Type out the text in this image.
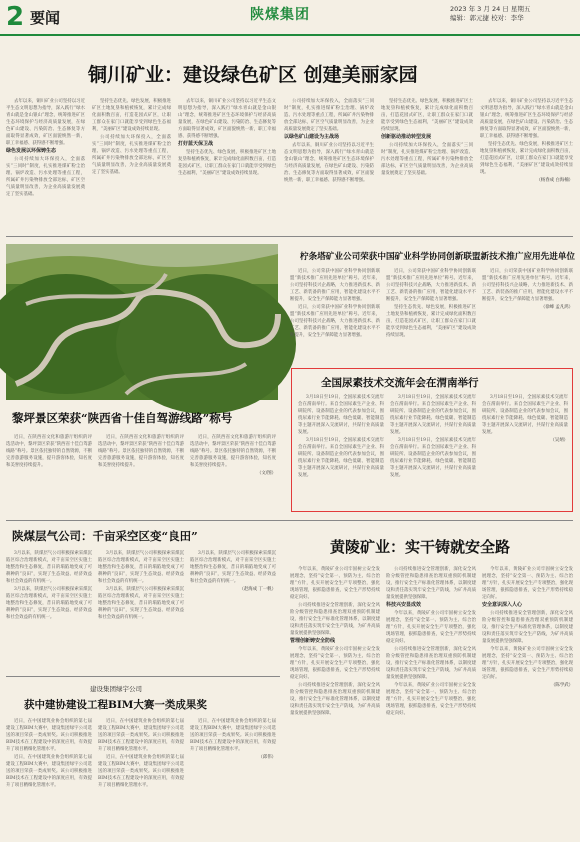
2 要闻	陕煤集团	2023 年 3 月 24 日 星期五
编辑：郭元捷 校对：李华
铜川矿业：建设绿色矿区 创建美丽家园

去年以来，铜川矿业公司坚持以习近平生态文明思想为指导，深入践行“绿水青山就是金山银山”理念，统筹推进矿区生态环境保护与经济高质量发展，在绿色矿山建设、污染防治、生态修复等方面取得显著成效，矿区面貌焕然一新，职工幸福感、获得感不断增强。

绿色发展以环保铸生态

公司持续加大环保投入，全面落实“三同时”制度，扎实推进煤矿粉尘治理、锅炉改造、污水处理等重点工程，所属矿井污染物排放全部达标，矿区空气质量明显改善，为企业高质量发展奠定了坚实基础。

坚持生态优先、绿色发展，积极推进矿区土地复垦和植被恢复，累计完成绿化面积数百亩，打造花园式矿区，让职工群众在家门口就能享受到绿色生态福利，“美丽矿区”建设成效持续显现。

公司持续加大环保投入，全面落实“三同时”制度，扎实推进煤矿粉尘治理、锅炉改造、污水处理等重点工程，所属矿井污染物排放全部达标，矿区空气质量明显改善，为企业高质量发展奠定了坚实基础。

去年以来，铜川矿业公司坚持以习近平生态文明思想为指导，深入践行“绿水青山就是金山银山”理念，统筹推进矿区生态环境保护与经济高质量发展，在绿色矿山建设、污染防治、生态修复等方面取得显著成效，矿区面貌焕然一新，职工幸福感、获得感不断增强。

打好蓝天保卫战

坚持生态优先、绿色发展，积极推进矿区土地复垦和植被恢复，累计完成绿化面积数百亩，打造花园式矿区，让职工群众在家门口就能享受到绿色生态福利，“美丽矿区”建设成效持续显现。

公司持续加大环保投入，全面落实“三同时”制度，扎实推进煤矿粉尘治理、锅炉改造、污水处理等重点工程，所属矿井污染物排放全部达标，矿区空气质量明显改善，为企业高质量发展奠定了坚实基础。

以绿色矿山建设为主战场

去年以来，铜川矿业公司坚持以习近平生态文明思想为指导，深入践行“绿水青山就是金山银山”理念，统筹推进矿区生态环境保护与经济高质量发展，在绿色矿山建设、污染防治、生态修复等方面取得显著成效，矿区面貌焕然一新，职工幸福感、获得感不断增强。

坚持生态优先、绿色发展，积极推进矿区土地复垦和植被恢复，累计完成绿化面积数百亩，打造花园式矿区，让职工群众在家门口就能享受到绿色生态福利，“美丽矿区”建设成效持续显现。

创新驱动推动转型发展

公司持续加大环保投入，全面落实“三同时”制度，扎实推进煤矿粉尘治理、锅炉改造、污水处理等重点工程，所属矿井污染物排放全部达标，矿区空气质量明显改善，为企业高质量发展奠定了坚实基础。

去年以来，铜川矿业公司坚持以习近平生态文明思想为指导，深入践行“绿水青山就是金山银山”理念，统筹推进矿区生态环境保护与经济高质量发展，在绿色矿山建设、污染防治、生态修复等方面取得显著成效，矿区面貌焕然一新，职工幸福感、获得感不断增强。

坚持生态优先、绿色发展，积极推进矿区土地复垦和植被恢复，累计完成绿化面积数百亩，打造花园式矿区，让职工群众在家门口就能享受到绿色生态福利，“美丽矿区”建设成效持续显现。

（杨春成 白海楠）
黎坪景区荣获“陕西省十佳自驾游线路”称号

近日，在陕西省文化和旅游厅组织的评选活动中，黎坪景区荣获“陕西省十佳自驾游线路”称号。景区依托独特的自然资源，不断完善旅游服务设施，提升游客体验，知名度和美誉度持续提升。

近日，在陕西省文化和旅游厅组织的评选活动中，黎坪景区荣获“陕西省十佳自驾游线路”称号。景区依托独特的自然资源，不断完善旅游服务设施，提升游客体验，知名度和美誉度持续提升。

近日，在陕西省文化和旅游厅组织的评选活动中，黎坪景区荣获“陕西省十佳自驾游线路”称号。景区依托独特的自然资源，不断完善旅游服务设施，提升游客体验，知名度和美誉度持续提升。

（文/图）
柠条塔矿业公司荣获中国矿业科学协同创新联盟新技术推广应用先进单位

近日，公司荣获中国矿业科学协同创新联盟“新技术推广应用先进单位”称号。近年来，公司坚持科技兴企战略，大力推进新技术、新工艺、新装备的推广应用，智能化建设水平不断提升，安全生产保障能力显著增强。

近日，公司荣获中国矿业科学协同创新联盟“新技术推广应用先进单位”称号。近年来，公司坚持科技兴企战略，大力推进新技术、新工艺、新装备的推广应用，智能化建设水平不断提升，安全生产保障能力显著增强。

近日，公司荣获中国矿业科学协同创新联盟“新技术推广应用先进单位”称号。近年来，公司坚持科技兴企战略，大力推进新技术、新工艺、新装备的推广应用，智能化建设水平不断提升，安全生产保障能力显著增强。

坚持生态优先、绿色发展，积极推进矿区土地复垦和植被恢复，累计完成绿化面积数百亩，打造花园式矿区，让职工群众在家门口就能享受到绿色生态福利，“美丽矿区”建设成效持续显现。

近日，公司荣获中国矿业科学协同创新联盟“新技术推广应用先进单位”称号。近年来，公司坚持科技兴企战略，大力推进新技术、新工艺、新装备的推广应用，智能化建设水平不断提升，安全生产保障能力显著增强。

（徐峰 孟凡鸿）
全国尿素技术交流年会在渭南举行

3月18日至19日，全国尿素技术交流年会在渭南举行。来自全国尿素生产企业、科研院所、设备制造企业的代表参加会议，围绕尿素行业节能降耗、绿色低碳、智能制造等主题开展深入交流研讨，共谋行业高质量发展。

3月18日至19日，全国尿素技术交流年会在渭南举行。来自全国尿素生产企业、科研院所、设备制造企业的代表参加会议，围绕尿素行业节能降耗、绿色低碳、智能制造等主题开展深入交流研讨，共谋行业高质量发展。

3月18日至19日，全国尿素技术交流年会在渭南举行。来自全国尿素生产企业、科研院所、设备制造企业的代表参加会议，围绕尿素行业节能降耗、绿色低碳、智能制造等主题开展深入交流研讨，共谋行业高质量发展。

3月18日至19日，全国尿素技术交流年会在渭南举行。来自全国尿素生产企业、科研院所、设备制造企业的代表参加会议，围绕尿素行业节能降耗、绿色低碳、智能制造等主题开展深入交流研讨，共谋行业高质量发展。

3月18日至19日，全国尿素技术交流年会在渭南举行。来自全国尿素生产企业、科研院所、设备制造企业的代表参加会议，围绕尿素行业节能降耗、绿色低碳、智能制造等主题开展深入交流研讨，共谋行业高质量发展。

（吴炳）
陕煤层气公司：千亩采空区变“良田”

3月以来，陕煤层气公司积极探索采煤沉陷区综合治理新模式，对千亩采空区实施土地整治和生态修复，昔日的塌陷地变成了可耕种的“良田”，实现了生态效益、经济效益和社会效益的有机统一。

3月以来，陕煤层气公司积极探索采煤沉陷区综合治理新模式，对千亩采空区实施土地整治和生态修复，昔日的塌陷地变成了可耕种的“良田”，实现了生态效益、经济效益和社会效益的有机统一。

3月以来，陕煤层气公司积极探索采煤沉陷区综合治理新模式，对千亩采空区实施土地整治和生态修复，昔日的塌陷地变成了可耕种的“良田”，实现了生态效益、经济效益和社会效益的有机统一。

3月以来，陕煤层气公司积极探索采煤沉陷区综合治理新模式，对千亩采空区实施土地整治和生态修复，昔日的塌陷地变成了可耕种的“良田”，实现了生态效益、经济效益和社会效益的有机统一。

3月以来，陕煤层气公司积极探索采煤沉陷区综合治理新模式，对千亩采空区实施土地整治和生态修复，昔日的塌陷地变成了可耕种的“良田”，实现了生态效益、经济效益和社会效益的有机统一。

（赵海成 丁一帆）
建设集团绿宇公司
获中建协建设工程BIM大赛一类成果奖

近日，在中国建筑业协会组织的第七届建设工程BIM大赛中，建设集团绿宇公司选送的项目荣获一类成果奖。该公司积极推进BIM技术在工程建设中的深度应用，有效提升了项目精细化管理水平。

近日，在中国建筑业协会组织的第七届建设工程BIM大赛中，建设集团绿宇公司选送的项目荣获一类成果奖。该公司积极推进BIM技术在工程建设中的深度应用，有效提升了项目精细化管理水平。

近日，在中国建筑业协会组织的第七届建设工程BIM大赛中，建设集团绿宇公司选送的项目荣获一类成果奖。该公司积极推进BIM技术在工程建设中的深度应用，有效提升了项目精细化管理水平。

近日，在中国建筑业协会组织的第七届建设工程BIM大赛中，建设集团绿宇公司选送的项目荣获一类成果奖。该公司积极推进BIM技术在工程建设中的深度应用，有效提升了项目精细化管理水平。

近日，在中国建筑业协会组织的第七届建设工程BIM大赛中，建设集团绿宇公司选送的项目荣获一类成果奖。该公司积极推进BIM技术在工程建设中的深度应用，有效提升了项目精细化管理水平。

（邱伟）
黄陵矿业：实干铸就安全路

今年以来，黄陵矿业公司牢固树立安全发展理念，坚持“安全第一、预防为主、综合治理”方针，扎实开展安全生产专项整治，强化现场管理，狠抓隐患排查，安全生产形势持续稳定向好。

公司持续推进安全管理创新，深化安全风险分级管控和隐患排查治理双重预防机制建设，推行安全生产标准化管理体系，以制度建设和责任落实筑牢安全生产防线，为矿井高质量发展提供坚强保障。

管理创新铸安全防线

今年以来，黄陵矿业公司牢固树立安全发展理念，坚持“安全第一、预防为主、综合治理”方针，扎实开展安全生产专项整治，强化现场管理，狠抓隐患排查，安全生产形势持续稳定向好。

公司持续推进安全管理创新，深化安全风险分级管控和隐患排查治理双重预防机制建设，推行安全生产标准化管理体系，以制度建设和责任落实筑牢安全生产防线，为矿井高质量发展提供坚强保障。

公司持续推进安全管理创新，深化安全风险分级管控和隐患排查治理双重预防机制建设，推行安全生产标准化管理体系，以制度建设和责任落实筑牢安全生产防线，为矿井高质量发展提供坚强保障。

科技兴安显成效

今年以来，黄陵矿业公司牢固树立安全发展理念，坚持“安全第一、预防为主、综合治理”方针，扎实开展安全生产专项整治，强化现场管理，狠抓隐患排查，安全生产形势持续稳定向好。

公司持续推进安全管理创新，深化安全风险分级管控和隐患排查治理双重预防机制建设，推行安全生产标准化管理体系，以制度建设和责任落实筑牢安全生产防线，为矿井高质量发展提供坚强保障。

今年以来，黄陵矿业公司牢固树立安全发展理念，坚持“安全第一、预防为主、综合治理”方针，扎实开展安全生产专项整治，强化现场管理，狠抓隐患排查，安全生产形势持续稳定向好。

今年以来，黄陵矿业公司牢固树立安全发展理念，坚持“安全第一、预防为主、综合治理”方针，扎实开展安全生产专项整治，强化现场管理，狠抓隐患排查，安全生产形势持续稳定向好。

安全意识深入人心

公司持续推进安全管理创新，深化安全风险分级管控和隐患排查治理双重预防机制建设，推行安全生产标准化管理体系，以制度建设和责任落实筑牢安全生产防线，为矿井高质量发展提供坚强保障。

今年以来，黄陵矿业公司牢固树立安全发展理念，坚持“安全第一、预防为主、综合治理”方针，扎实开展安全生产专项整治，强化现场管理，狠抓隐患排查，安全生产形势持续稳定向好。

（陈学武）
